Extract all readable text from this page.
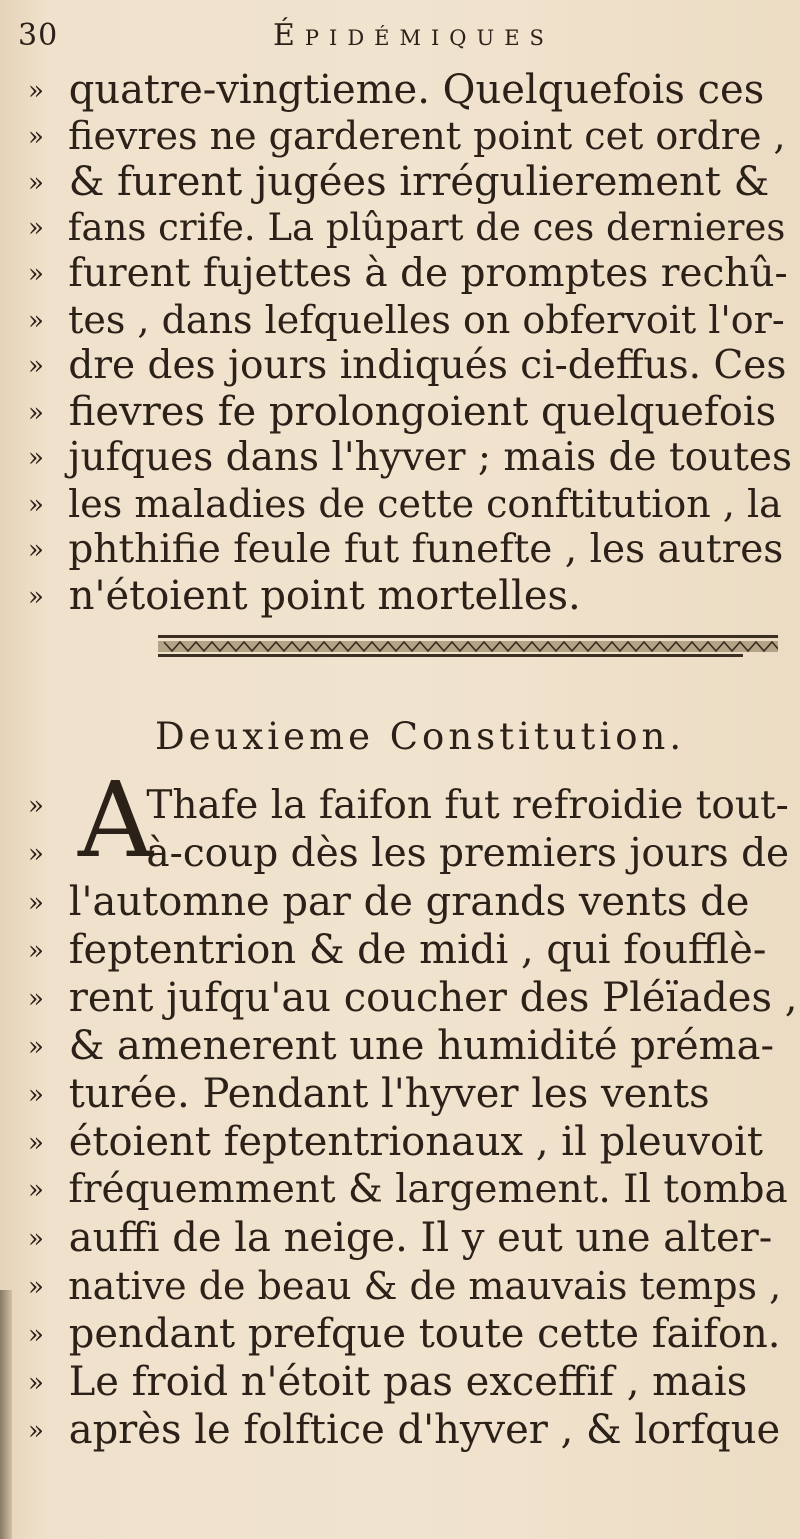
30	Épidémiques
» quatre-vingtieme. Quelquefois ces
» fievres ne garderent point cet ordre ,
» & furent jugées irrégulierement &
» fans crife. La plûpart de ces dernieres
» furent fujettes à de promptes rechû-
» tes , dans lefquelles on obfervoit l'or-
» dre des jours indiqués ci-deffus. Ces
» fievres fe prolongoient quelquefois
» jufques dans l'hyver ; mais de toutes
» les maladies de cette conftitution , la
» phthifie feule fut funefte , les autres
» n'étoient point mortelles.
Deuxieme Constitution.
A
»	Thafe la faifon fut refroidie tout-
»	à-coup dès les premiers jours de
» l'automne par de grands vents de
» feptentrion & de midi , qui foufflè-
» rent jufqu'au coucher des Pléïades ,
» & amenerent une humidité préma-
» turée. Pendant l'hyver les vents
» étoient feptentrionaux , il pleuvoit
» fréquemment & largement. Il tomba
» auffi de la neige. Il y eut une alter-
» native de beau & de mauvais temps ,
» pendant prefque toute cette faifon.
» Le froid n'étoit pas exceffif , mais
» après le folftice d'hyver , & lorfque
